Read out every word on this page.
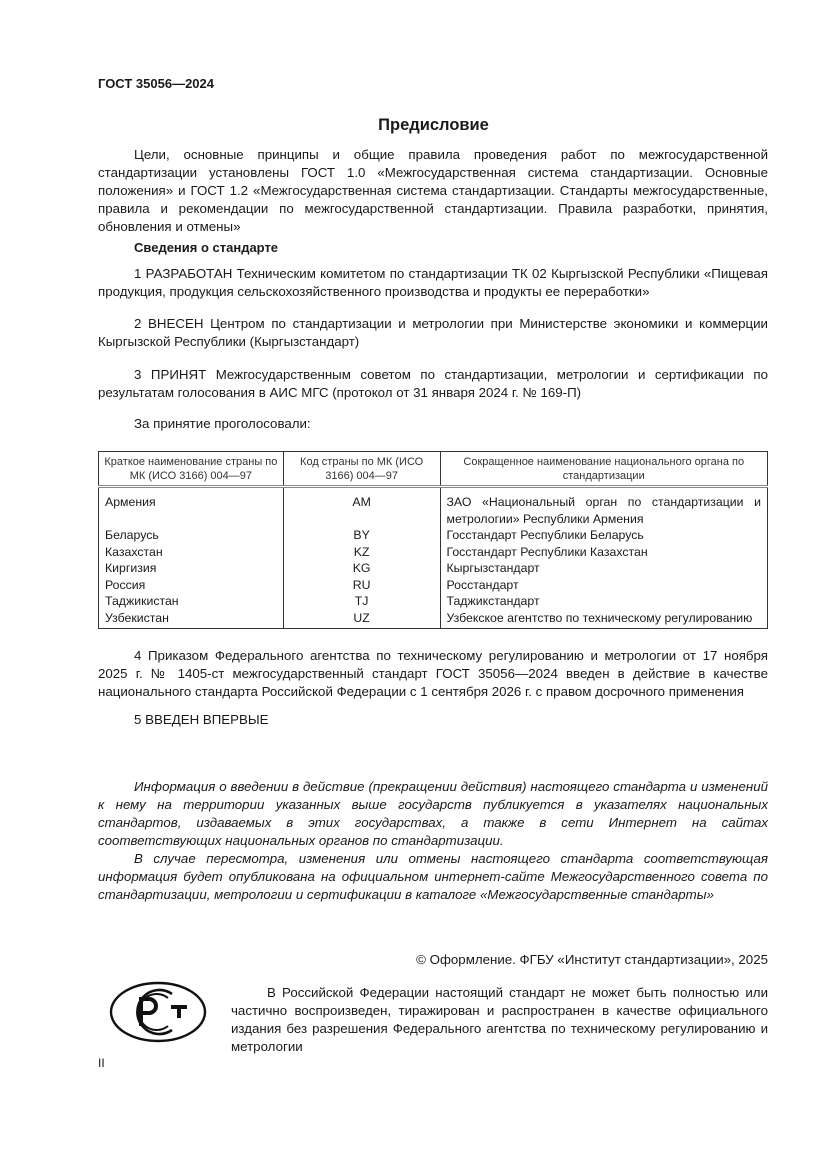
ГОСТ 35056—2024
Предисловие
Цели, основные принципы и общие правила проведения работ по межгосударственной стандартизации установлены ГОСТ 1.0 «Межгосударственная система стандартизации. Основные положения» и ГОСТ 1.2 «Межгосударственная система стандартизации. Стандарты межгосударственные, правила и рекомендации по межгосударственной стандартизации. Правила разработки, принятия, обновления и отмены»
Сведения о стандарте
1 РАЗРАБОТАН Техническим комитетом по стандартизации ТК 02 Кыргызской Республики «Пищевая продукция, продукция сельскохозяйственного производства и продукты ее переработки»
2 ВНЕСЕН Центром по стандартизации и метрологии при Министерстве экономики и коммерции Кыргызской Республики (Кыргызстандарт)
3 ПРИНЯТ Межгосударственным советом по стандартизации, метрологии и сертификации по результатам голосования в АИС МГС (протокол от 31 января 2024 г. № 169-П)
За принятие проголосовали:
Краткое наименование страны по МК (ИСО 3166) 004—97	Код страны по МК (ИСО 3166) 004—97	Сокращенное наименование национального органа по стандартизации
Армения	AM	ЗАО «Национальный орган по стандартизации и метрологии» Республики Армения
Беларусь	BY	Госстандарт Республики Беларусь
Казахстан	KZ	Госстандарт Республики Казахстан
Киргизия	KG	Кыргызстандарт
Россия	RU	Росстандарт
Таджикистан	TJ	Таджикстандарт
Узбекистан	UZ	Узбекское агентство по техническому регулированию
4 Приказом Федерального агентства по техническому регулированию и метрологии от 17 ноября 2025 г. № 1405-ст межгосударственный стандарт ГОСТ 35056—2024 введен в действие в качестве национального стандарта Российской Федерации с 1 сентября 2026 г. с правом досрочного применения
5 ВВЕДЕН ВПЕРВЫЕ

Информация о введении в действие (прекращении действия) настоящего стандарта и изменений к нему на территории указанных выше государств публикуется в указателях национальных стандартов, издаваемых в этих государствах, а также в сети Интернет на сайтах соответствующих национальных органов по стандартизации.

В случае пересмотра, изменения или отмены настоящего стандарта соответствующая информация будет опубликована на официальном интернет-сайте Межгосударственного совета по стандартизации, метрологии и сертификации в каталоге «Межгосударственные стандарты»

© Оформление. ФГБУ «Институт стандартизации», 2025
В Российской Федерации настоящий стандарт не может быть полностью или частично воспроизведен, тиражирован и распространен в качестве официального издания без разрешения Федерального агентства по техническому регулированию и метрологии
II
